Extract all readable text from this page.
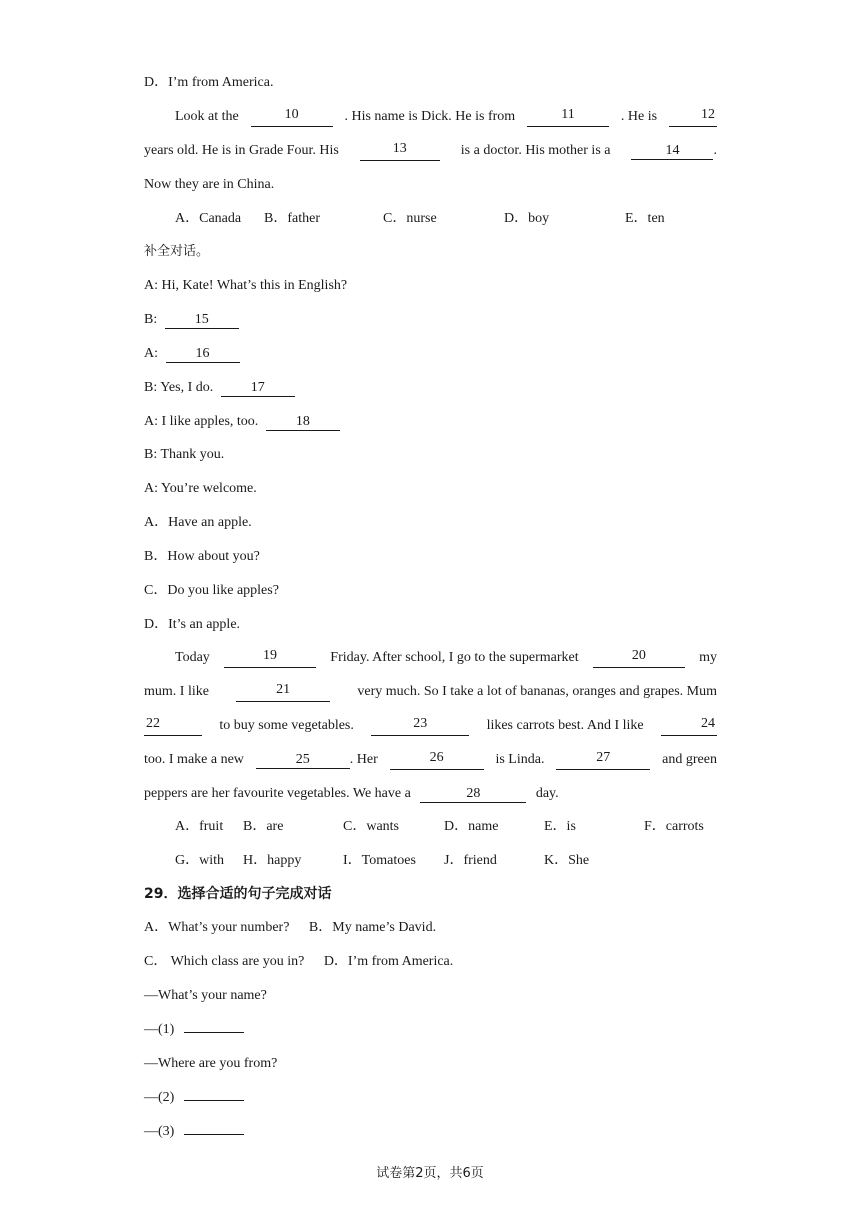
D．I’m from America.
Look at the	10	. His name is Dick. He is from	11	. He is	12
years old. He is in Grade Four. His	13	is a doctor. His mother is a	14 .
Now they are in China.
A．Canada B．father	C．nurse	D．boy	E．ten
补全对话。
A: Hi, Kate! What’s this in English?
B:	15
A:	16
B: Yes, I do.	17
A: I like apples, too.	18
B: Thank you.
A: You’re welcome.
A．Have an apple.
B．How about you?
C．Do you like apples?
D．It’s an apple.
Today	19	Friday. After school, I go to the supermarket	20	my
mum. I like	21	very much. So I take a lot of bananas, oranges and grapes. Mum
22	to buy some vegetables.	23	likes carrots best. And I like	24
too. I make a new	25	. Her	26	is Linda.	27	and green
peppers are her favourite vegetables. We have a	28	day.
A．fruit B．are	C．wants	D．name	E．is	F．carrots
G．with H．happy	I．Tomatoes J．friend	K．She
29．选择合适的句子完成对话
A．What’s your number? B．My name’s David.
C． Which class are you in? D．I’m from America.
—What’s your name?
—(1)
—Where are you from?
—(2)
—(3)
试卷第2页，共6页
